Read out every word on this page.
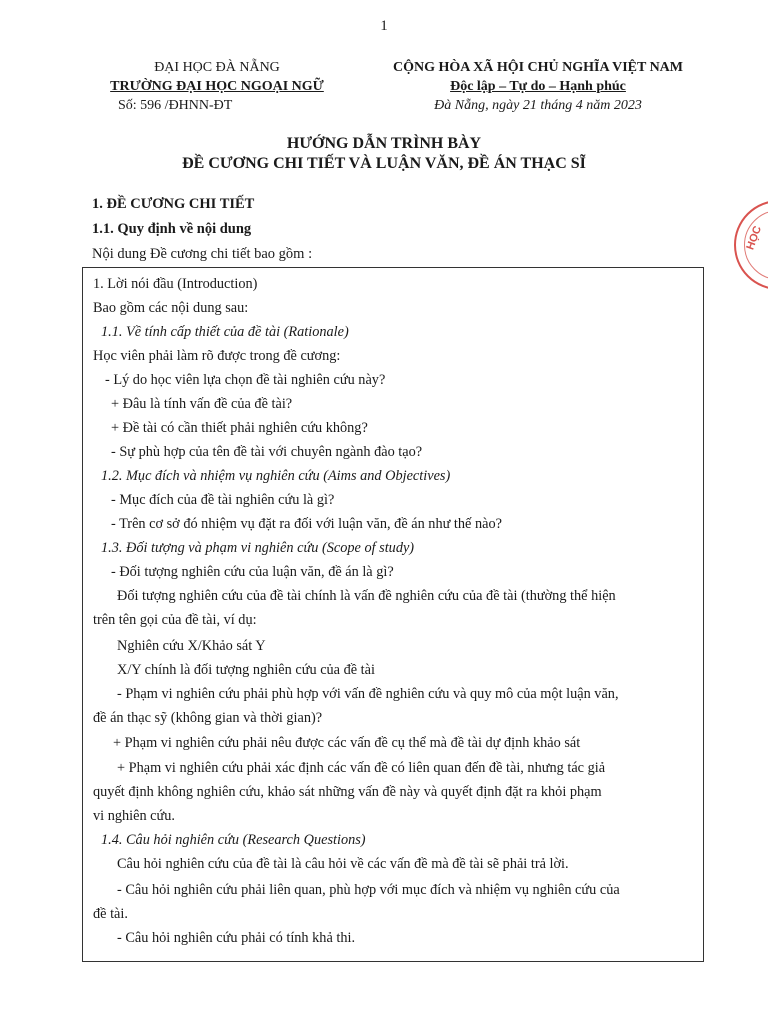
1
ĐẠI HỌC ĐÀ NẴNG
TRƯỜNG ĐẠI HỌC NGOẠI NGỮ
Số: 596 /ĐHNN-ĐT
CỘNG HÒA XÃ HỘI CHỦ NGHĨA VIỆT NAM
Độc lập – Tự do – Hạnh phúc
Đà Nẵng, ngày 21 tháng 4 năm 2023
HƯỚNG DẪN TRÌNH BÀY
ĐỀ CƯƠNG CHI TIẾT VÀ LUẬN VĂN, ĐỀ ÁN THẠC SĨ
1. ĐỀ CƯƠNG CHI TIẾT
1.1. Quy định về nội dung
Nội dung Đề cương chi tiết bao gồm :
1. Lời nói đầu (Introduction)
Bao gồm các nội dung sau:
1.1. Về tính cấp thiết của đề tài (Rationale)
Học viên phải làm rõ được trong đề cương:
- Lý do học viên lựa chọn đề tài nghiên cứu này?
+ Đâu là tính vấn đề của đề tài?
+ Đề tài có cần thiết phải nghiên cứu không?
- Sự phù hợp của tên đề tài với chuyên ngành đào tạo?
1.2. Mục đích và nhiệm vụ nghiên cứu (Aims and Objectives)
- Mục đích của đề tài nghiên cứu là gì?
- Trên cơ sở đó nhiệm vụ đặt ra đối với luận văn, đề án như thế nào?
1.3. Đối tượng và phạm vi nghiên cứu (Scope of study)
- Đối tượng nghiên cứu của luận văn, đề án là gì?
Đối tượng nghiên cứu của đề tài chính là vấn đề nghiên cứu của đề tài (thường thể hiện
trên tên gọi của đề tài, ví dụ:
Nghiên cứu X/Khảo sát Y
X/Y chính là đối tượng nghiên cứu của đề tài
- Phạm vi nghiên cứu phải phù hợp với vấn đề nghiên cứu và quy mô của một luận văn,
đề án thạc sỹ (không gian và thời gian)?
+ Phạm vi nghiên cứu phải nêu được các vấn đề cụ thể mà đề tài dự định khảo sát
+ Phạm vi nghiên cứu phải xác định các vấn đề có liên quan đến đề tài, nhưng tác giả
quyết định không nghiên cứu, khảo sát những vấn đề này và quyết định đặt ra khỏi phạm
vi nghiên cứu.
1.4. Câu hỏi nghiên cứu (Research Questions)
Câu hỏi nghiên cứu của đề tài là câu hỏi về các vấn đề mà đề tài sẽ phải trả lời.
- Câu hỏi nghiên cứu phải liên quan, phù hợp với mục đích và nhiệm vụ nghiên cứu của
đề tài.
- Câu hỏi nghiên cứu phải có tính khả thi.
HỌC
